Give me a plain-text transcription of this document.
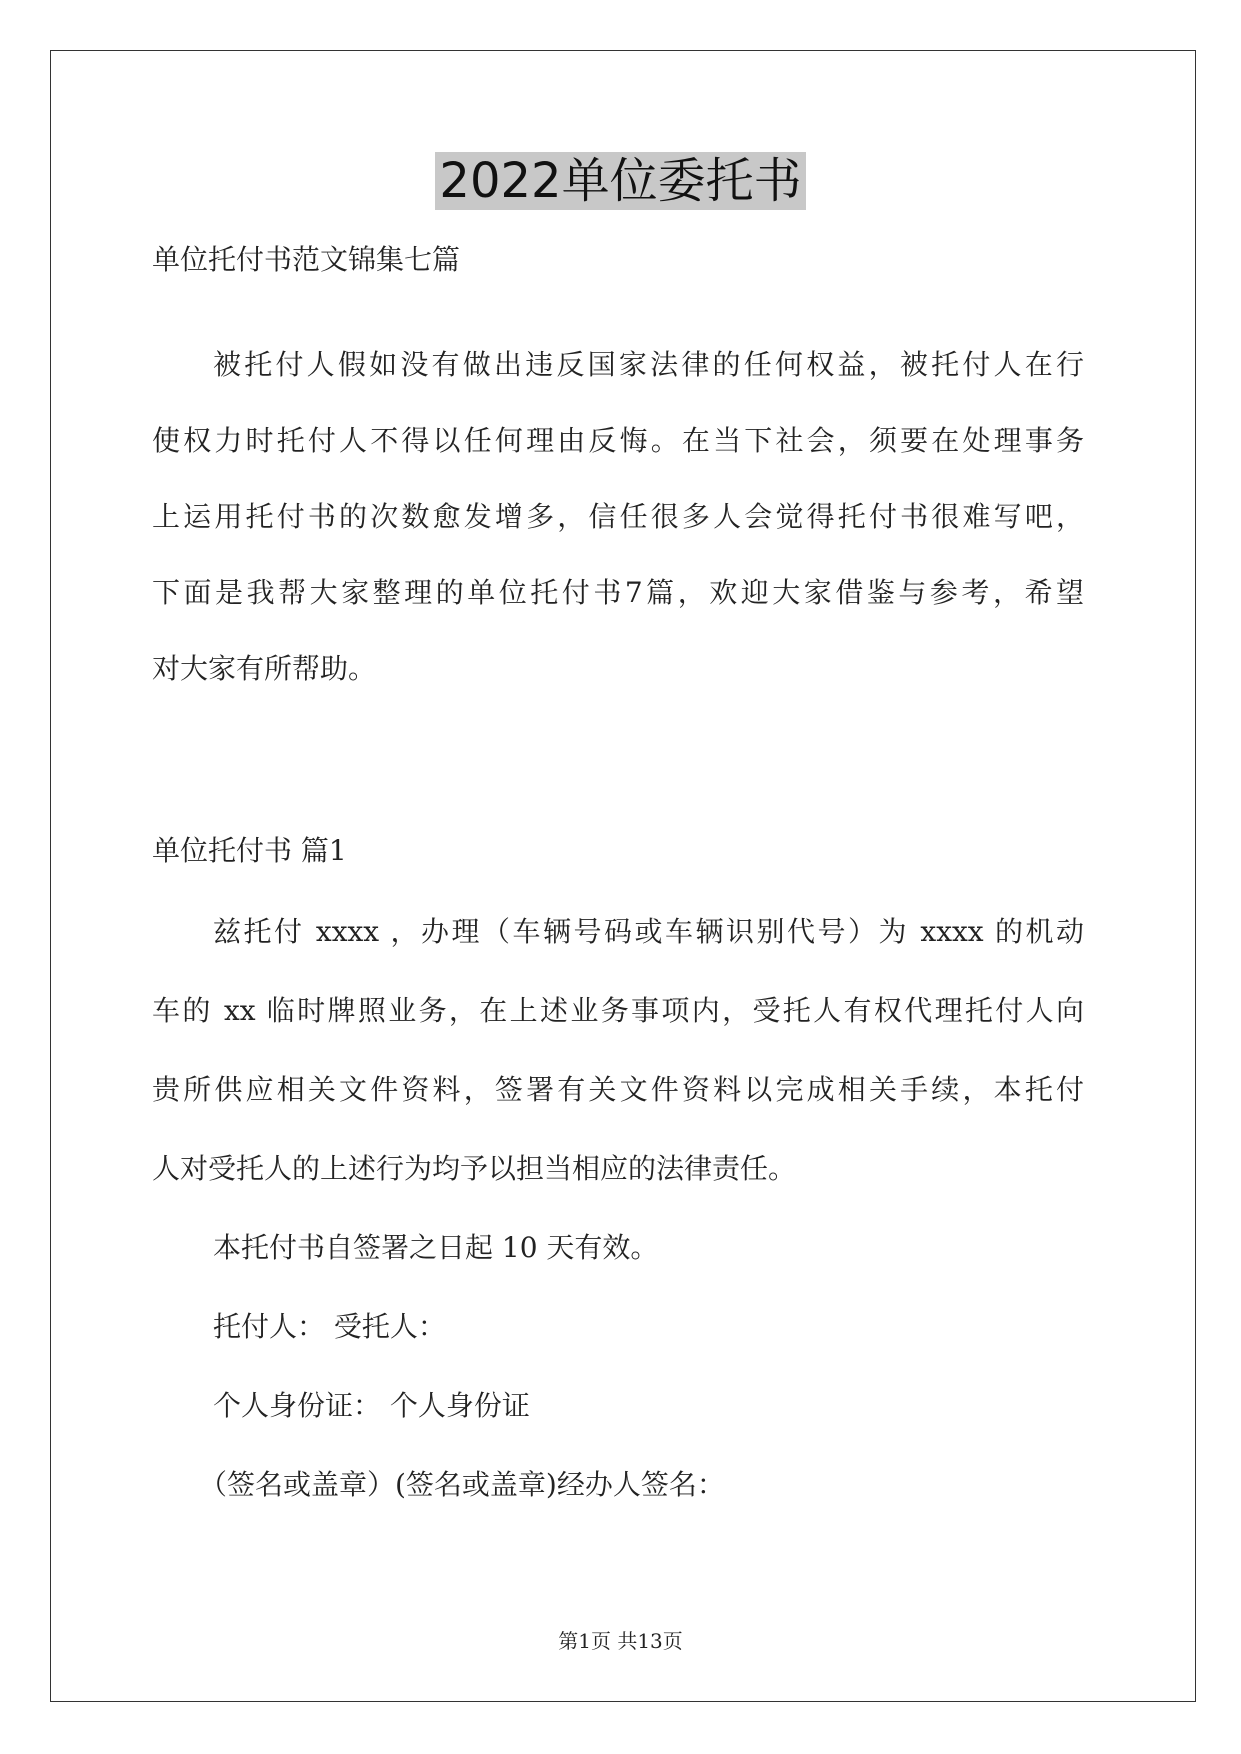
2022单位委托书
单位托付书范文锦集七篇
被托付人假如没有做出违反国家法律的任何权益，被托付人在行
使权力时托付人不得以任何理由反悔。在当下社会，须要在处理事务
上运用托付书的次数愈发增多，信任很多人会觉得托付书很难写吧，
下面是我帮大家整理的单位托付书7篇，欢迎大家借鉴与参考，希望
对大家有所帮助。
单位托付书 篇1
兹托付 xxxx ，办理（车辆号码或车辆识别代号）为 xxxx 的机动
车的 xx 临时牌照业务，在上述业务事项内，受托人有权代理托付人向
贵所供应相关文件资料，签署有关文件资料以完成相关手续，本托付
人对受托人的上述行为均予以担当相应的法律责任。
本托付书自签署之日起 10 天有效。
托付人： 受托人：
个人身份证： 个人身份证
（签名或盖章）(签名或盖章)经办人签名：
第1页 共13页
